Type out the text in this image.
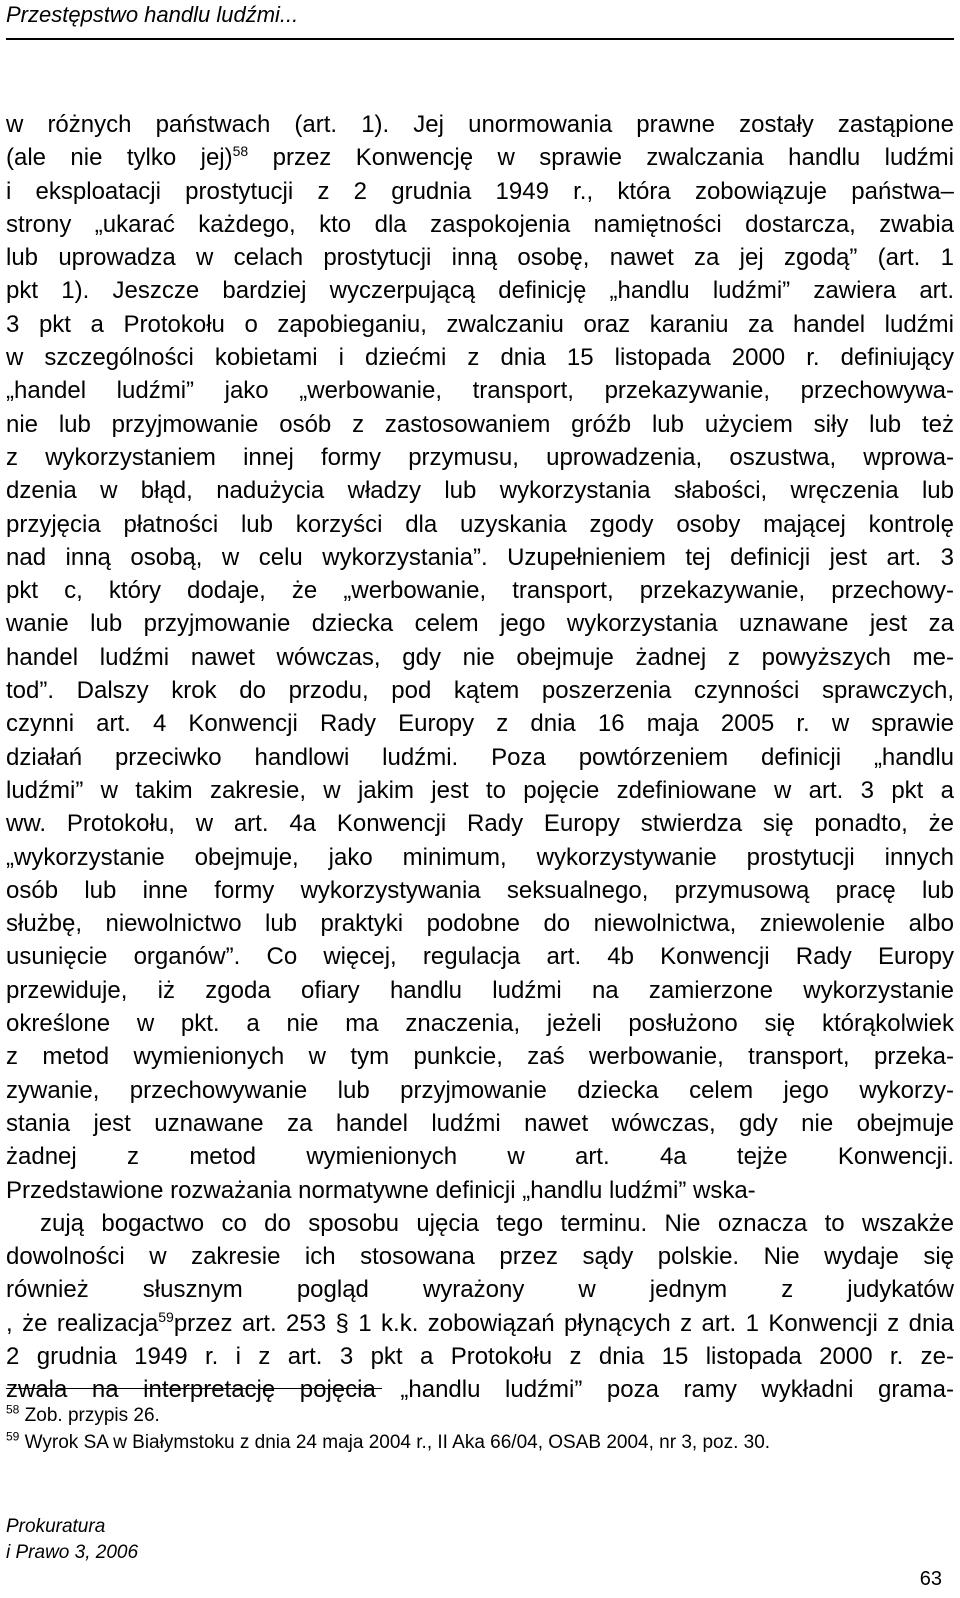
Przestępstwo handlu ludźmi...
w różnych państwach (art. 1). Jej unormowania prawne zostały zastąpione
(ale nie tylko jej)$^{58}$ przez Konwencję w sprawie zwalczania handlu ludźmi
i eksploatacji prostytucji z 2 grudnia 1949 r., która zobowiązuje państwa–
strony „ukarać każdego, kto dla zaspokojenia namiętności dostarcza, zwabia
lub uprowadza w celach prostytucji inną osobę, nawet za jej zgodą” (art. 1
pkt 1). Jeszcze bardziej wyczerpującą definicję „handlu ludźmi” zawiera art.
3 pkt a Protokołu o zapobieganiu, zwalczaniu oraz karaniu za handel ludźmi
w szczególności kobietami i dziećmi z dnia 15 listopada 2000 r. definiujący
„handel ludźmi” jako „werbowanie, transport, przekazywanie, przechowywa-
nie lub przyjmowanie osób z zastosowaniem gróźb lub użyciem siły lub też
z wykorzystaniem innej formy przymusu, uprowadzenia, oszustwa, wprowa-
dzenia w błąd, nadużycia władzy lub wykorzystania słabości, wręczenia lub
przyjęcia płatności lub korzyści dla uzyskania zgody osoby mającej kontrolę
nad inną osobą, w celu wykorzystania”. Uzupełnieniem tej definicji jest art. 3
pkt c, który dodaje, że „werbowanie, transport, przekazywanie, przechowy-
wanie lub przyjmowanie dziecka celem jego wykorzystania uznawane jest za
handel ludźmi nawet wówczas, gdy nie obejmuje żadnej z powyższych me-
tod”. Dalszy krok do przodu, pod kątem poszerzenia czynności sprawczych,
czynni art. 4 Konwencji Rady Europy z dnia 16 maja 2005 r. w sprawie
działań przeciwko handlowi ludźmi. Poza powtórzeniem definicji „handlu
ludźmi” w takim zakresie, w jakim jest to pojęcie zdefiniowane w art. 3 pkt a
ww. Protokołu, w art. 4a Konwencji Rady Europy stwierdza się ponadto, że
„wykorzystanie obejmuje, jako minimum, wykorzystywanie prostytucji innych
osób lub inne formy wykorzystywania seksualnego, przymusową pracę lub
służbę, niewolnictwo lub praktyki podobne do niewolnictwa, zniewolenie albo
usunięcie organów”. Co więcej, regulacja art. 4b Konwencji Rady Europy
przewiduje, iż zgoda ofiary handlu ludźmi na zamierzone wykorzystanie
określone w pkt. a nie ma znaczenia, jeżeli posłużono się którąkolwiek
z metod wymienionych w tym punkcie, zaś werbowanie, transport, przeka-
zywanie, przechowywanie lub przyjmowanie dziecka celem jego wykorzy-
stania jest uznawane za handel ludźmi nawet wówczas, gdy nie obejmuje
żadnej z metod wymienionych w art. 4a tejże Konwencji.
Przedstawione rozważania normatywne definicji „handlu ludźmi” wska-
zują bogactwo co do sposobu ujęcia tego terminu. Nie oznacza to wszakże
dowolności w zakresie ich stosowana przez sądy polskie. Nie wydaje się
również słusznym pogląd wyrażony w jednym z judykatów
, że realizacja$^{59}$przez art. 253 § 1 k.k. zobowiązań płynących z art. 1 Konwencji z dnia
2 grudnia 1949 r. i z art. 3 pkt a Protokołu z dnia 15 listopada 2000 r. ze-
zwala na interpretację pojęcia „handlu ludźmi” poza ramy wykładni grama-
$^{58}$ Zob. przypis 26.
$^{59}$ Wyrok SA w Białymstoku z dnia 24 maja 2004 r., II Aka 66/04, OSAB 2004, nr 3, poz. 30.
Prokuratura
i Prawo 3, 2006
63
